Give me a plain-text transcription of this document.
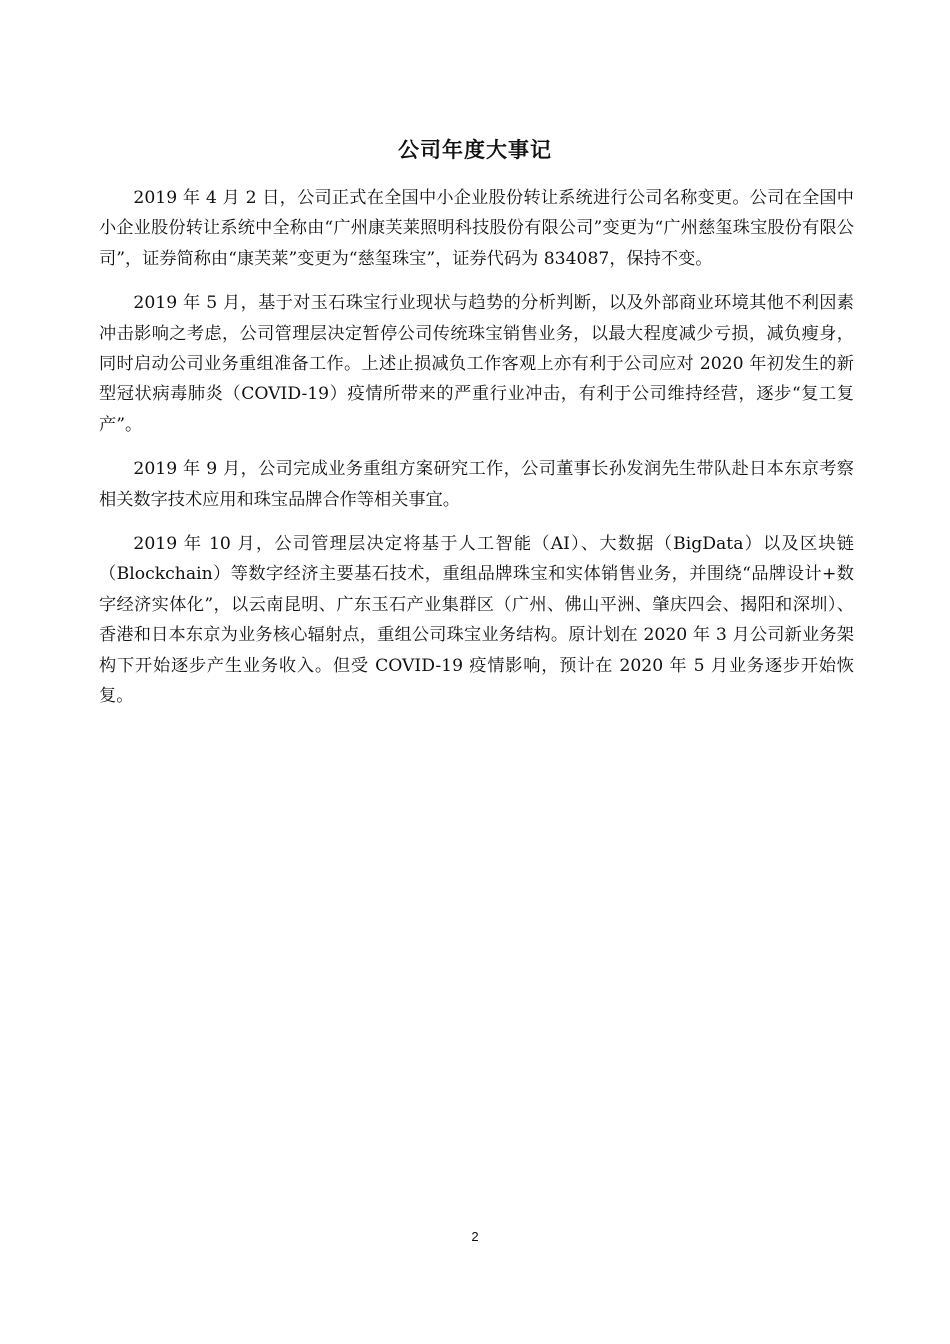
公司年度大事记

2019 年 4 月 2 日，公司正式在全国中小企业股份转让系统进行公司名称变更。公司在全国中小企业股份转让系统中全称由“广州康芙莱照明科技股份有限公司”变更为“广州慈玺珠宝股份有限公司”，证券简称由“康芙莱”变更为“慈玺珠宝”，证券代码为 834087，保持不变。

2019 年 5 月，基于对玉石珠宝行业现状与趋势的分析判断，以及外部商业环境其他不利因素冲击影响之考虑，公司管理层决定暂停公司传统珠宝销售业务，以最大程度减少亏损，减负瘦身，同时启动公司业务重组准备工作。上述止损减负工作客观上亦有利于公司应对 2020 年初发生的新型冠状病毒肺炎（COVID-19）疫情所带来的严重行业冲击，有利于公司维持经营，逐步“复工复产”。

2019 年 9 月，公司完成业务重组方案研究工作，公司董事长孙发润先生带队赴日本东京考察相关数字技术应用和珠宝品牌合作等相关事宜。

2019 年 10 月，公司管理层决定将基于人工智能（AI）、大数据（BigData）以及区块链（Blockchain）等数字经济主要基石技术，重组品牌珠宝和实体销售业务，并围绕“品牌设计+数字经济实体化”，以云南昆明、广东玉石产业集群区（广州、佛山平洲、肇庆四会、揭阳和深圳）、香港和日本东京为业务核心辐射点，重组公司珠宝业务结构。原计划在 2020 年 3 月公司新业务架构下开始逐步产生业务收入。但受 COVID-19 疫情影响，预计在 2020 年 5 月业务逐步开始恢复。

2
